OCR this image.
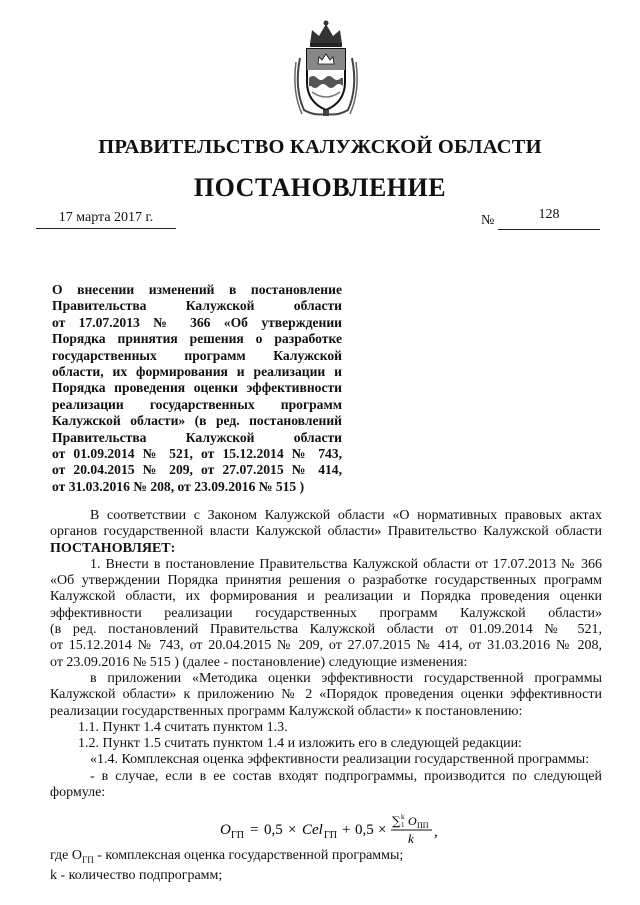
ПРАВИТЕЛЬСТВО КАЛУЖСКОЙ ОБЛАСТИ
ПОСТАНОВЛЕНИЕ
17 марта 2017 г.	№	128
О внесении изменений в постановление
Правительства Калужской области
от 17.07.2013 № 366 «Об утверждении
Порядка принятия решения о разработке
государственных программ Калужской
области, их формирования и реализации и
Порядка проведения оценки эффективности
реализации государственных программ
Калужской области» (в ред. постановлений
Правительства Калужской области
от 01.09.2014 № 521, от 15.12.2014 № 743,
от 20.04.2015 № 209, от 27.07.2015 № 414,
от 31.03.2016 № 208, от 23.09.2016 № 515 )
В соответствии с Законом Калужской области «О нормативных правовых актах
органов государственной власти Калужской области» Правительство Калужской области
ПОСТАНОВЛЯЕТ:
1. Внести в постановление Правительства Калужской области от 17.07.2013 № 366
«Об утверждении Порядка принятия решения о разработке государственных программ
Калужской области, их формирования и реализации и Порядка проведения оценки
эффективности реализации государственных программ Калужской области»
(в ред. постановлений Правительства Калужской области от 01.09.2014 № 521,
от 15.12.2014 № 743, от 20.04.2015 № 209, от 27.07.2015 № 414, от 31.03.2016 № 208,
от 23.09.2016 № 515 ) (далее - постановление) следующие изменения:
в приложении «Методика оценки эффективности государственной программы
Калужской области» к приложению № 2 «Порядок проведения оценки эффективности
реализации государственных программ Калужской области» к постановлению:
1.1. Пункт 1.4 считать пунктом 1.3.
1.2. Пункт 1.5 считать пунктом 1.4 и изложить его в следующей редакции:
«1.4. Комплексная оценка эффективности реализации государственной программы:
- в случае, если в ее состав входят подпрограммы, производится по следующей
формуле:
O ГП = 0,5 × Cel ГП + 0,5 ×
∑ k
1 O ПП
k ,
где $O_{ГП}$ - комплексная оценка государственной программы;
k - количество подпрограмм;
